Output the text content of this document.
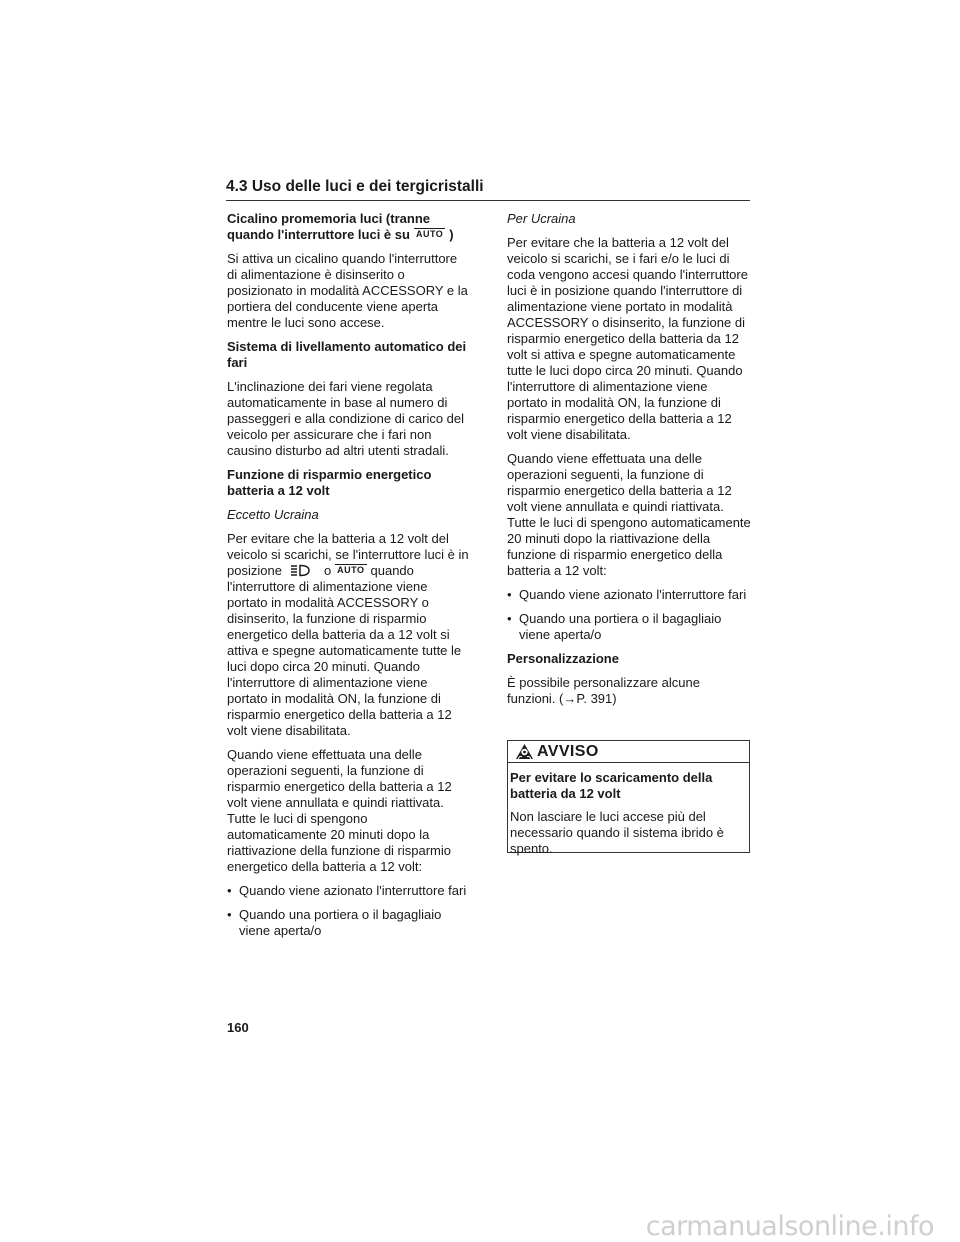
4.3 Uso delle luci e dei tergicristalli

Cicalino promemoria luci (tranne
quando l'interruttore luci è su AUTO )

Si attiva un cicalino quando l'interruttore di alimentazione è disinserito o posizionato in modalità ACCESSORY e la portiera del conducente viene aperta mentre le luci sono accese.

Sistema di livellamento automatico dei fari

L'inclinazione dei fari viene regolata automaticamente in base al numero di passeggeri e alla condizione di carico del veicolo per assicurare che i fari non causino disturbo ad altri utenti stradali.

Funzione di risparmio energetico batteria a 12 volt

Eccetto Ucraina

Per evitare che la batteria a 12 volt del veicolo si scarichi, se l'interruttore luci è in posizione	o AUTO quando l'interruttore di alimentazione viene portato in modalità ACCESSORY o disinserito, la funzione di risparmio energetico della batteria da a 12 volt si attiva e spegne automaticamente tutte le luci dopo circa 20 minuti. Quando l'interruttore di alimentazione viene portato in modalità ON, la funzione di risparmio energetico della batteria a 12 volt viene disabilitata.

Quando viene effettuata una delle operazioni seguenti, la funzione di risparmio energetico della batteria a 12 volt viene annullata e quindi riattivata. Tutte le luci di spengono automaticamente 20 minuti dopo la riattivazione della funzione di risparmio energetico della batteria a 12 volt:

• Quando viene azionato l'interruttore fari
• Quando una portiera o il bagagliaio viene aperta/o

Per Ucraina

Per evitare che la batteria a 12 volt del veicolo si scarichi, se i fari e/o le luci di coda vengono accesi quando l'interruttore luci è in posizione quando l'interruttore di alimentazione viene portato in modalità ACCESSORY o disinserito, la funzione di risparmio energetico della batteria da 12 volt si attiva e spegne automaticamente tutte le luci dopo circa 20 minuti. Quando l'interruttore di alimentazione viene portato in modalità ON, la funzione di risparmio energetico della batteria a 12 volt viene disabilitata.

Quando viene effettuata una delle operazioni seguenti, la funzione di risparmio energetico della batteria a 12 volt viene annullata e quindi riattivata. Tutte le luci di spengono automaticamente 20 minuti dopo la riattivazione della funzione di risparmio energetico della batteria a 12 volt:

• Quando viene azionato l'interruttore fari
• Quando una portiera o il bagagliaio viene aperta/o

Personalizzazione

È possibile personalizzare alcune funzioni. (→P. 391)

AVVISO

Per evitare lo scaricamento della batteria da 12 volt

Non lasciare le luci accese più del necessario quando il sistema ibrido è spento.

160
carmanualsonline.info
